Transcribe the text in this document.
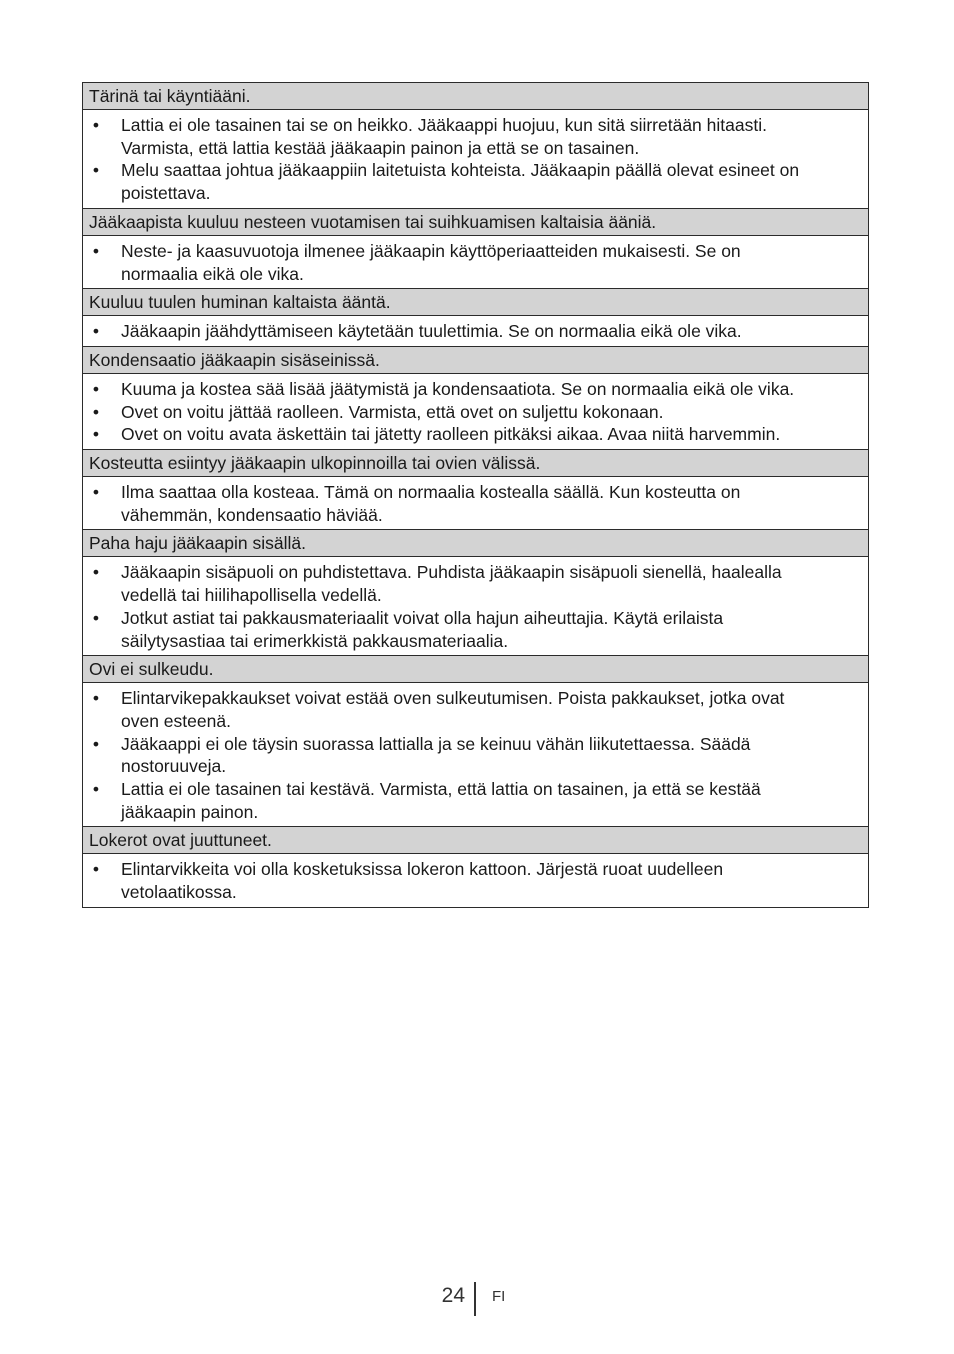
Tärinä tai käyntiääni.
• Lattia ei ole tasainen tai se on heikko. Jääkaappi huojuu, kun sitä siirretään hitaasti.
Varmista, että lattia kestää jääkaapin painon ja että se on tasainen.
• Melu saattaa johtua jääkaappiin laitetuista kohteista. Jääkaapin päällä olevat esineet on
poistettava.
Jääkaapista kuuluu nesteen vuotamisen tai suihkuamisen kaltaisia ääniä.
• Neste- ja kaasuvuotoja ilmenee jääkaapin käyttöperiaatteiden mukaisesti. Se on
normaalia eikä ole vika.
Kuuluu tuulen huminan kaltaista ääntä.
• Jääkaapin jäähdyttämiseen käytetään tuulettimia. Se on normaalia eikä ole vika.
Kondensaatio jääkaapin sisäseinissä.
• Kuuma ja kostea sää lisää jäätymistä ja kondensaatiota. Se on normaalia eikä ole vika.
• Ovet on voitu jättää raolleen. Varmista, että ovet on suljettu kokonaan.
• Ovet on voitu avata äskettäin tai jätetty raolleen pitkäksi aikaa. Avaa niitä harvemmin.
Kosteutta esiintyy jääkaapin ulkopinnoilla tai ovien välissä.
• Ilma saattaa olla kosteaa. Tämä on normaalia kostealla säällä. Kun kosteutta on
vähemmän, kondensaatio häviää.
Paha haju jääkaapin sisällä.
• Jääkaapin sisäpuoli on puhdistettava. Puhdista jääkaapin sisäpuoli sienellä, haalealla
vedellä tai hiilihapollisella vedellä.
• Jotkut astiat tai pakkausmateriaalit voivat olla hajun aiheuttajia. Käytä erilaista
säilytysastiaa tai erimerkkistä pakkausmateriaalia.
Ovi ei sulkeudu.
• Elintarvikepakkaukset voivat estää oven sulkeutumisen. Poista pakkaukset, jotka ovat
oven esteenä.
• Jääkaappi ei ole täysin suorassa lattialla ja se keinuu vähän liikutettaessa. Säädä
nostoruuveja.
• Lattia ei ole tasainen tai kestävä. Varmista, että lattia on tasainen, ja että se kestää
jääkaapin painon.
Lokerot ovat juuttuneet.
• Elintarvikkeita voi olla kosketuksissa lokeron kattoon. Järjestä ruoat uudelleen
vetolaatikossa.
24 FI
